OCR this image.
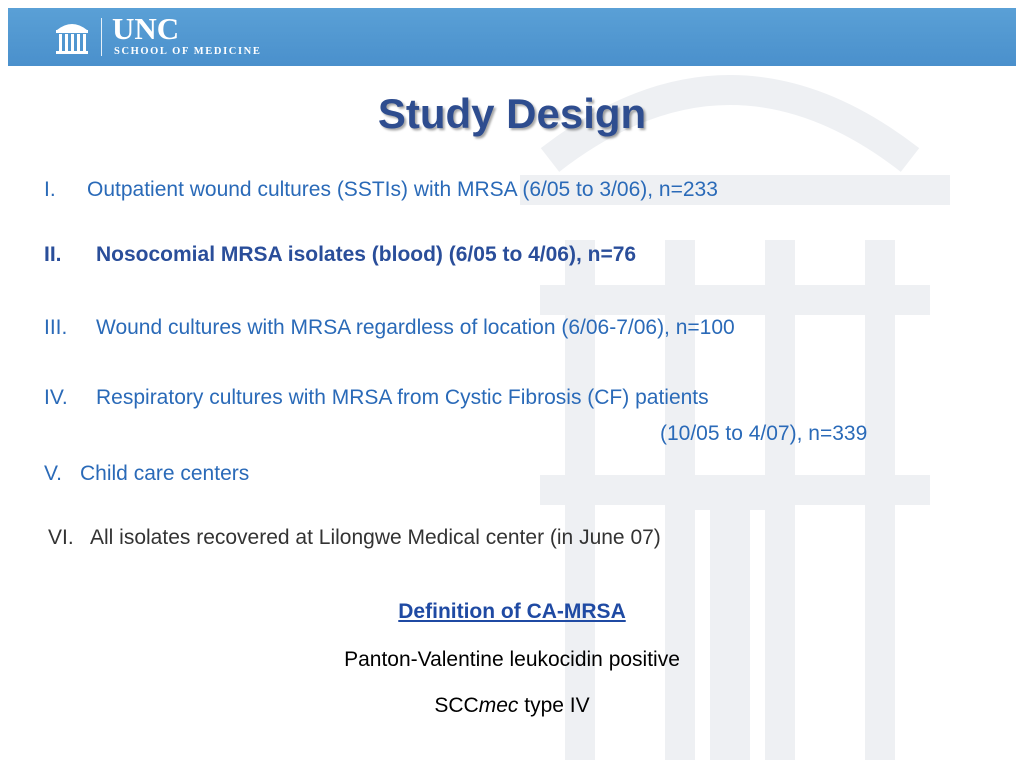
UNC
SCHOOL OF MEDICINE
Study Design
I. Outpatient wound cultures (SSTIs) with MRSA (6/05 to 3/06), n=233
II. Nosocomial MRSA isolates (blood) (6/05 to 4/06), n=76
III. Wound cultures with MRSA regardless of location (6/06-7/06), n=100
IV. Respiratory cultures with MRSA from Cystic Fibrosis (CF) patients
(10/05 to 4/07), n=339
V. Child care centers
VI. All isolates recovered at Lilongwe Medical center (in June 07)
Definition of CA-MRSA
Panton-Valentine leukocidin positive
SCCmec type IV
